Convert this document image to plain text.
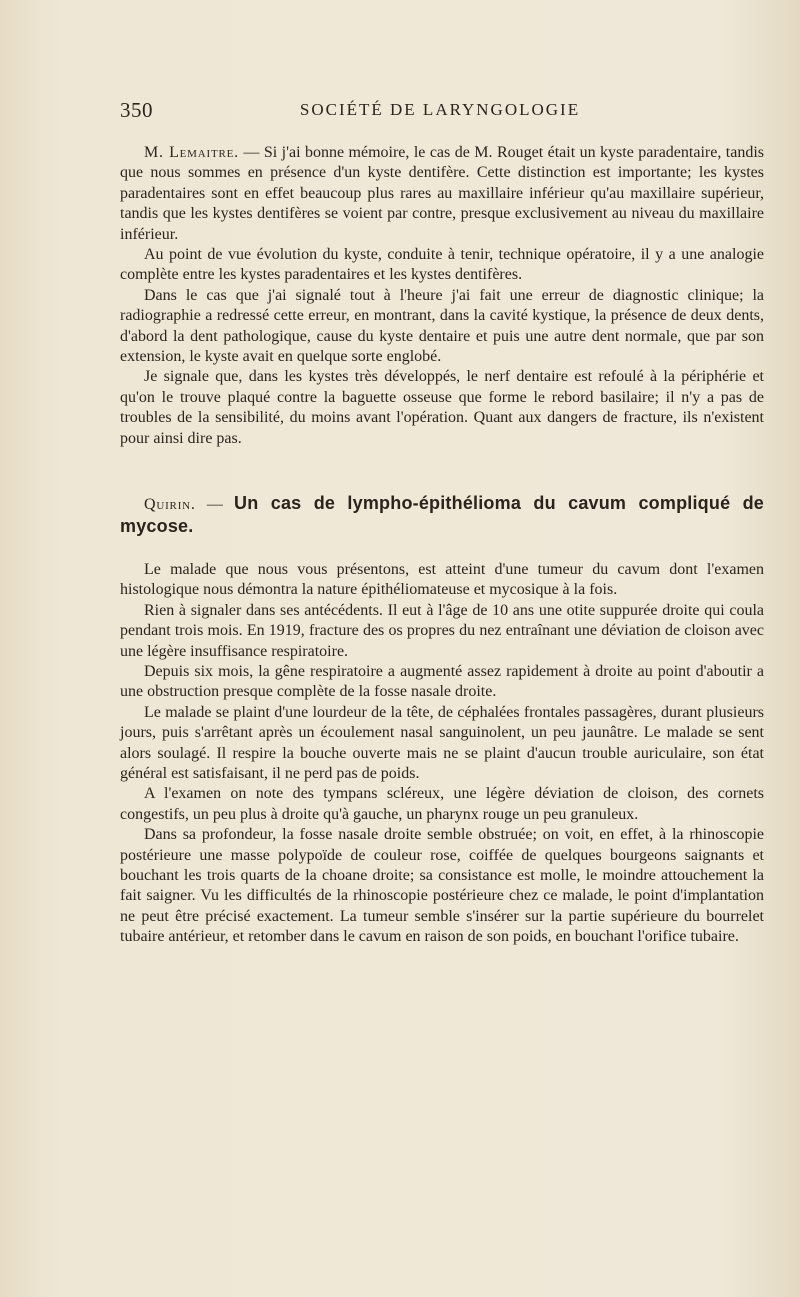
350	SOCIÉTÉ DE LARYNGOLOGIE

M. Lemaitre. — Si j'ai bonne mémoire, le cas de M. Rouget était un kyste paradentaire, tandis que nous sommes en présence d'un kyste dentifère. Cette distinction est importante; les kystes paradentaires sont en effet beaucoup plus rares au maxillaire inférieur qu'au maxillaire supérieur, tandis que les kystes dentifères se voient par contre, presque exclusivement au niveau du maxillaire inférieur.

Au point de vue évolution du kyste, conduite à tenir, technique opératoire, il y a une analogie complète entre les kystes paradentaires et les kystes dentifères.

Dans le cas que j'ai signalé tout à l'heure j'ai fait une erreur de diagnostic clinique; la radiographie a redressé cette erreur, en montrant, dans la cavité kystique, la présence de deux dents, d'abord la dent pathologique, cause du kyste dentaire et puis une autre dent normale, que par son extension, le kyste avait en quelque sorte englobé.

Je signale que, dans les kystes très développés, le nerf dentaire est refoulé à la périphérie et qu'on le trouve plaqué contre la baguette osseuse que forme le rebord basilaire; il n'y a pas de troubles de la sensibilité, du moins avant l'opération. Quant aux dangers de fracture, ils n'existent pour ainsi dire pas.

Quirin. — Un cas de lympho-épithélioma du cavum compliqué de mycose.

Le malade que nous vous présentons, est atteint d'une tumeur du cavum dont l'examen histologique nous démontra la nature épithéliomateuse et mycosique à la fois.

Rien à signaler dans ses antécédents. Il eut à l'âge de 10 ans une otite suppurée droite qui coula pendant trois mois. En 1919, fracture des os propres du nez entraînant une déviation de cloison avec une légère insuffisance respiratoire.

Depuis six mois, la gêne respiratoire a augmenté assez rapidement à droite au point d'aboutir a une obstruction presque complète de la fosse nasale droite.

Le malade se plaint d'une lourdeur de la tête, de céphalées frontales passagères, durant plusieurs jours, puis s'arrêtant après un écoulement nasal sanguinolent, un peu jaunâtre. Le malade se sent alors soulagé. Il respire la bouche ouverte mais ne se plaint d'aucun trouble auriculaire, son état général est satisfaisant, il ne perd pas de poids.

A l'examen on note des tympans scléreux, une légère déviation de cloison, des cornets congestifs, un peu plus à droite qu'à gauche, un pharynx rouge un peu granuleux.

Dans sa profondeur, la fosse nasale droite semble obstruée; on voit, en effet, à la rhinoscopie postérieure une masse polypoïde de couleur rose, coiffée de quelques bourgeons saignants et bouchant les trois quarts de la choane droite; sa consistance est molle, le moindre attouchement la fait saigner. Vu les difficultés de la rhinoscopie postérieure chez ce malade, le point d'implantation ne peut être précisé exactement. La tumeur semble s'insérer sur la partie supérieure du bourrelet tubaire antérieur, et retomber dans le cavum en raison de son poids, en bouchant l'orifice tubaire.
